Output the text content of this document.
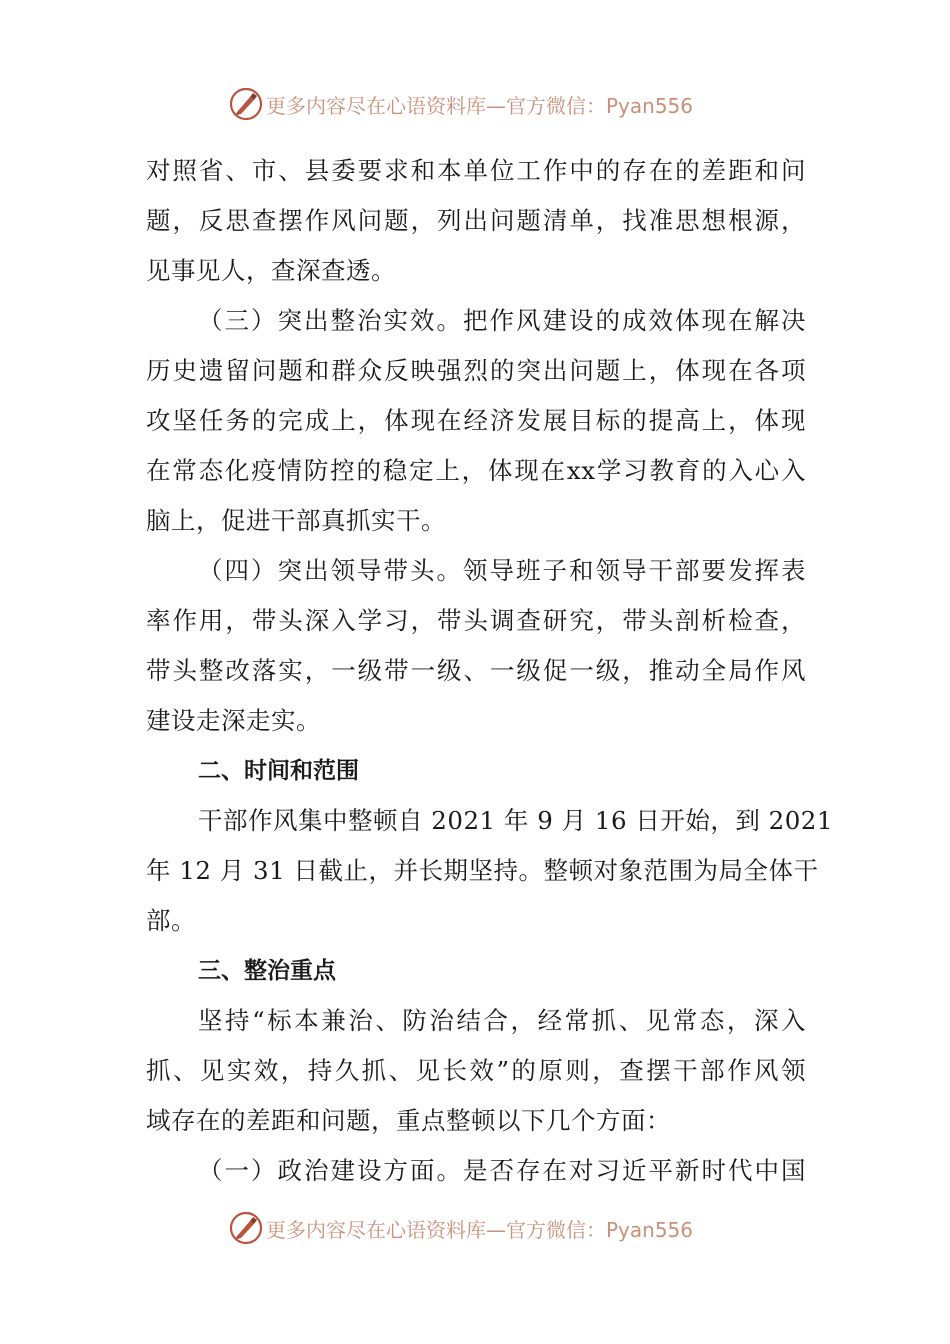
更多内容尽在心语资料库—官方微信：Pyan556
对照省、市、县委要求和本单位工作中的存在的差距和问
题，反思查摆作风问题，列出问题清单，找准思想根源，
见事见人，查深查透。
（三）突出整治实效。把作风建设的成效体现在解决
历史遗留问题和群众反映强烈的突出问题上，体现在各项
攻坚任务的完成上，体现在经济发展目标的提高上，体现
在常态化疫情防控的稳定上，体现在xx学习教育的入心入
脑上，促进干部真抓实干。
（四）突出领导带头。领导班子和领导干部要发挥表
率作用，带头深入学习，带头调查研究，带头剖析检查，
带头整改落实，一级带一级、一级促一级，推动全局作风
建设走深走实。
二、时间和范围
干部作风集中整顿自 2021 年 9 月 16 日开始，到 2021
年 12 月 31 日截止，并长期坚持。整顿对象范围为局全体干
部。
三、整治重点
坚持“标本兼治、防治结合，经常抓、见常态，深入
抓、见实效，持久抓、见长效”的原则，查摆干部作风领
域存在的差距和问题，重点整顿以下几个方面：
（一）政治建设方面。是否存在对习近平新时代中国
更多内容尽在心语资料库—官方微信：Pyan556
